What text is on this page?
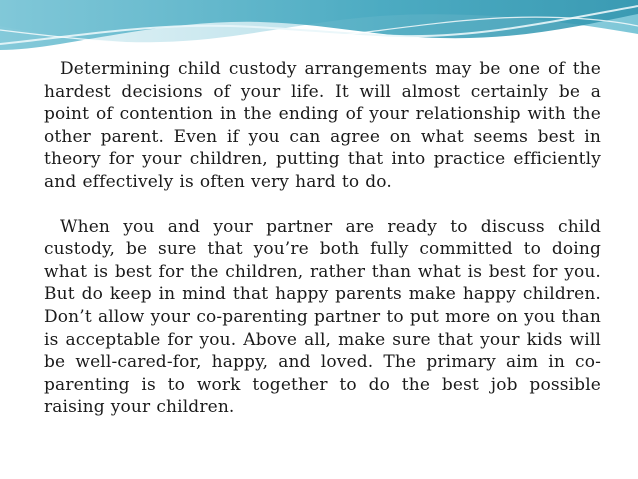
Determining child custody arrangements may be one of the hardest decisions of your life. It will almost certainly be a point of contention in the ending of your relationship with the other parent. Even if you can agree on what seems best in theory for your children, putting that into practice efficiently and effectively is often very hard to do.

When you and your partner are ready to discuss child custody, be sure that you’re both fully committed to doing what is best for the children, rather than what is best for you. But do keep in mind that happy parents make happy children. Don’t allow your co-parenting partner to put more on you than is acceptable for you. Above all, make sure that your kids will be well-cared-for, happy, and loved. The primary aim in co-parenting is to work together to do the best job possible raising your children.
